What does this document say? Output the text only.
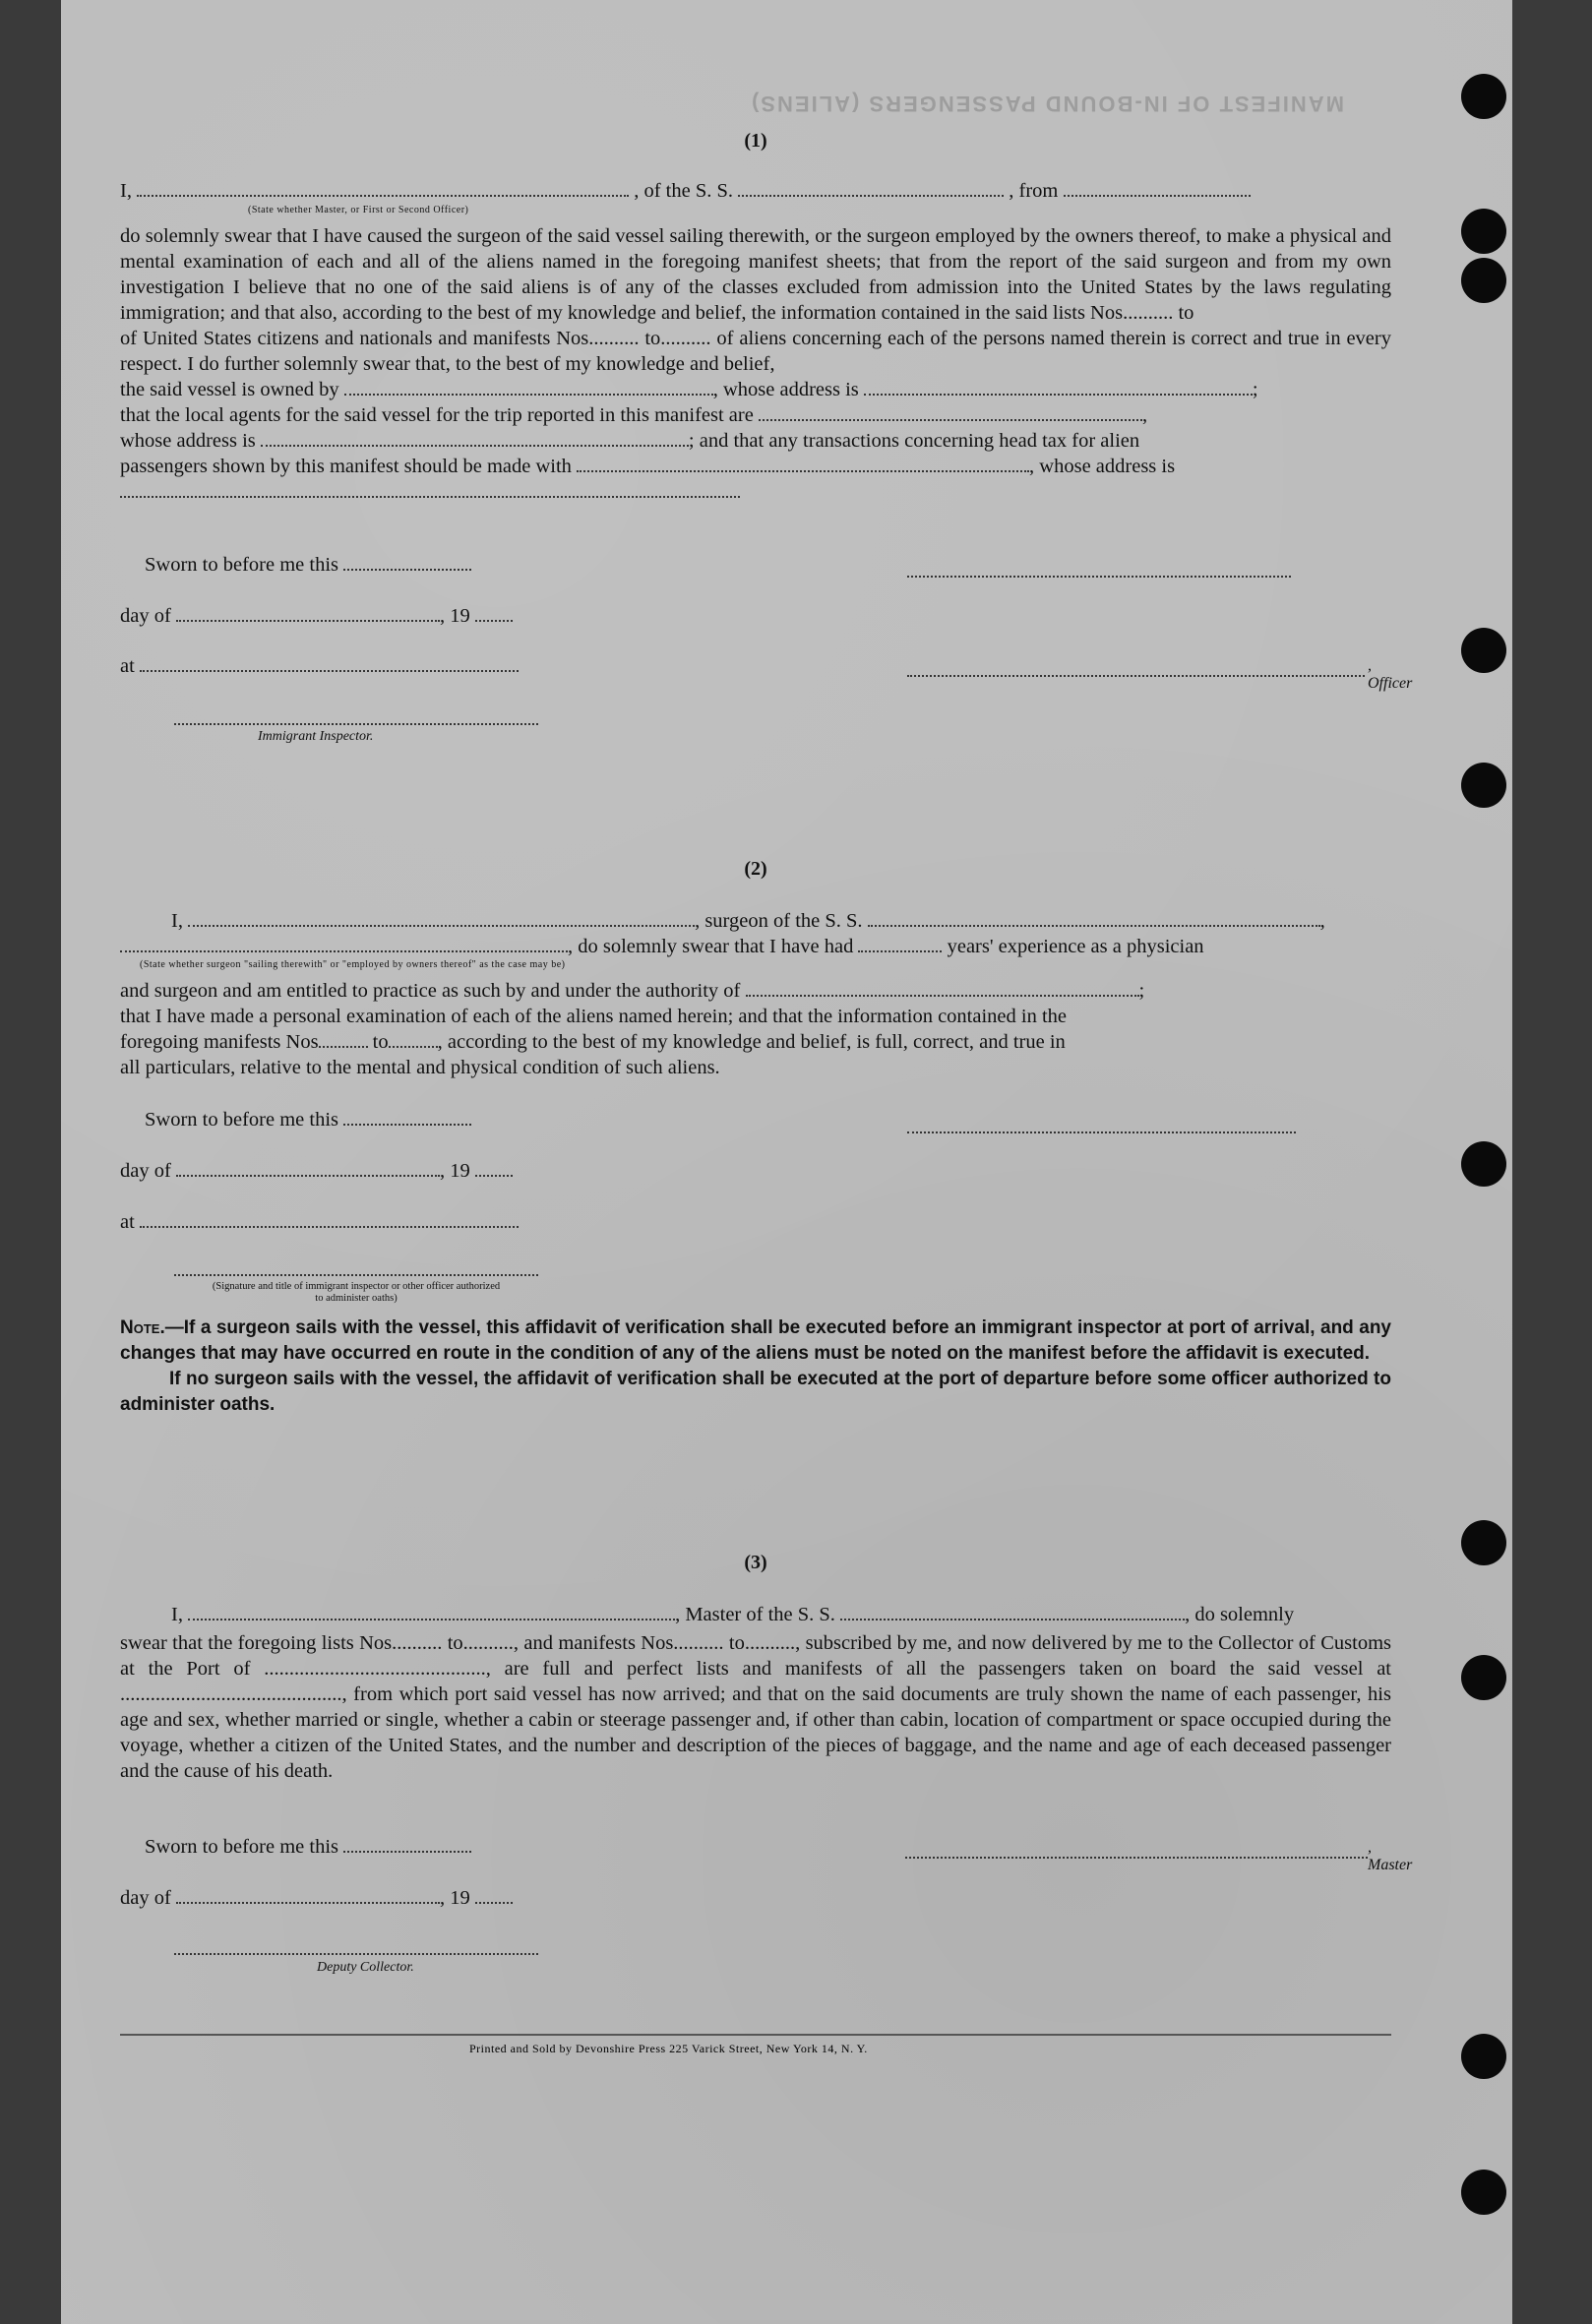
MANIFEST OF IN-BOUND PASSENGERS (ALIENS)
(1)
I,	, of the S. S.	, from
(State whether Master, or First or Second Officer)

do solemnly swear that I have caused the surgeon of the said vessel sailing therewith, or the surgeon employed by the owners thereof, to make a physical and mental examination of each and all of the aliens named in the foregoing manifest sheets; that from the report of the said surgeon and from my own investigation I believe that no one of the said aliens is of any of the classes excluded from admission into the United States by the laws regulating immigration; and that also, according to the best of my knowledge and belief, the information contained in the said lists Nos.......... to

of United States citizens and nationals and manifests Nos.......... to.......... of aliens concerning each of the persons named therein is correct and true in every respect. I do further solemnly swear that, to the best of my knowledge and belief,

the said vessel is owned by	, whose address is	;

that the local agents for the said vessel for the trip reported in this manifest are	,

whose address is	; and that any transactions concerning head tax for alien

passengers shown by this manifest should be made with	, whose address is

Sworn to before me this
day of	, 19
at	, Officer
Immigrant Inspector.
(2)
I,	, surgeon of the S. S.	,
, do solemnly swear that I have had	years' experience as a physician
(State whether surgeon "sailing therewith" or "employed by owners thereof" as the case may be)

and surgeon and am entitled to practice as such by and under the authority of	;

that I have made a personal examination of each of the aliens named herein; and that the information contained in the

foregoing manifests Nos	to , according to the best of my knowledge and belief, is full, correct, and true in

all particulars, relative to the mental and physical condition of such aliens.

Sworn to before me this
day of	, 19
at
(Signature and title of immigrant inspector or other officer authorized to administer oaths)
Note.—If a surgeon sails with the vessel, this affidavit of verification shall be executed before an immigrant inspector at port of arrival, and any changes that may have occurred en route in the condition of any of the aliens must be noted on the manifest before the affidavit is executed.
If no surgeon sails with the vessel, the affidavit of verification shall be executed at the port of departure before some officer authorized to administer oaths.
(3)
I,	, Master of the S. S.	, do solemnly
swear that the foregoing lists Nos.......... to.........., and manifests Nos.......... to.........., subscribed by me, and now delivered by me to the Collector of Customs at the Port of ............................................, are full and perfect lists and manifests of all the passengers taken on board the said vessel at ............................................, from which port said vessel has now arrived; and that on the said documents are truly shown the name of each passenger, his age and sex, whether married or single, whether a cabin or steerage passenger and, if other than cabin, location of compartment or space occupied during the voyage, whether a citizen of the United States, and the number and description of the pieces of baggage, and the name and age of each deceased passenger and the cause of his death.
Sworn to before me this	, Master
day of	, 19
Deputy Collector.
Printed and Sold by Devonshire Press 225 Varick Street, New York 14, N. Y.
